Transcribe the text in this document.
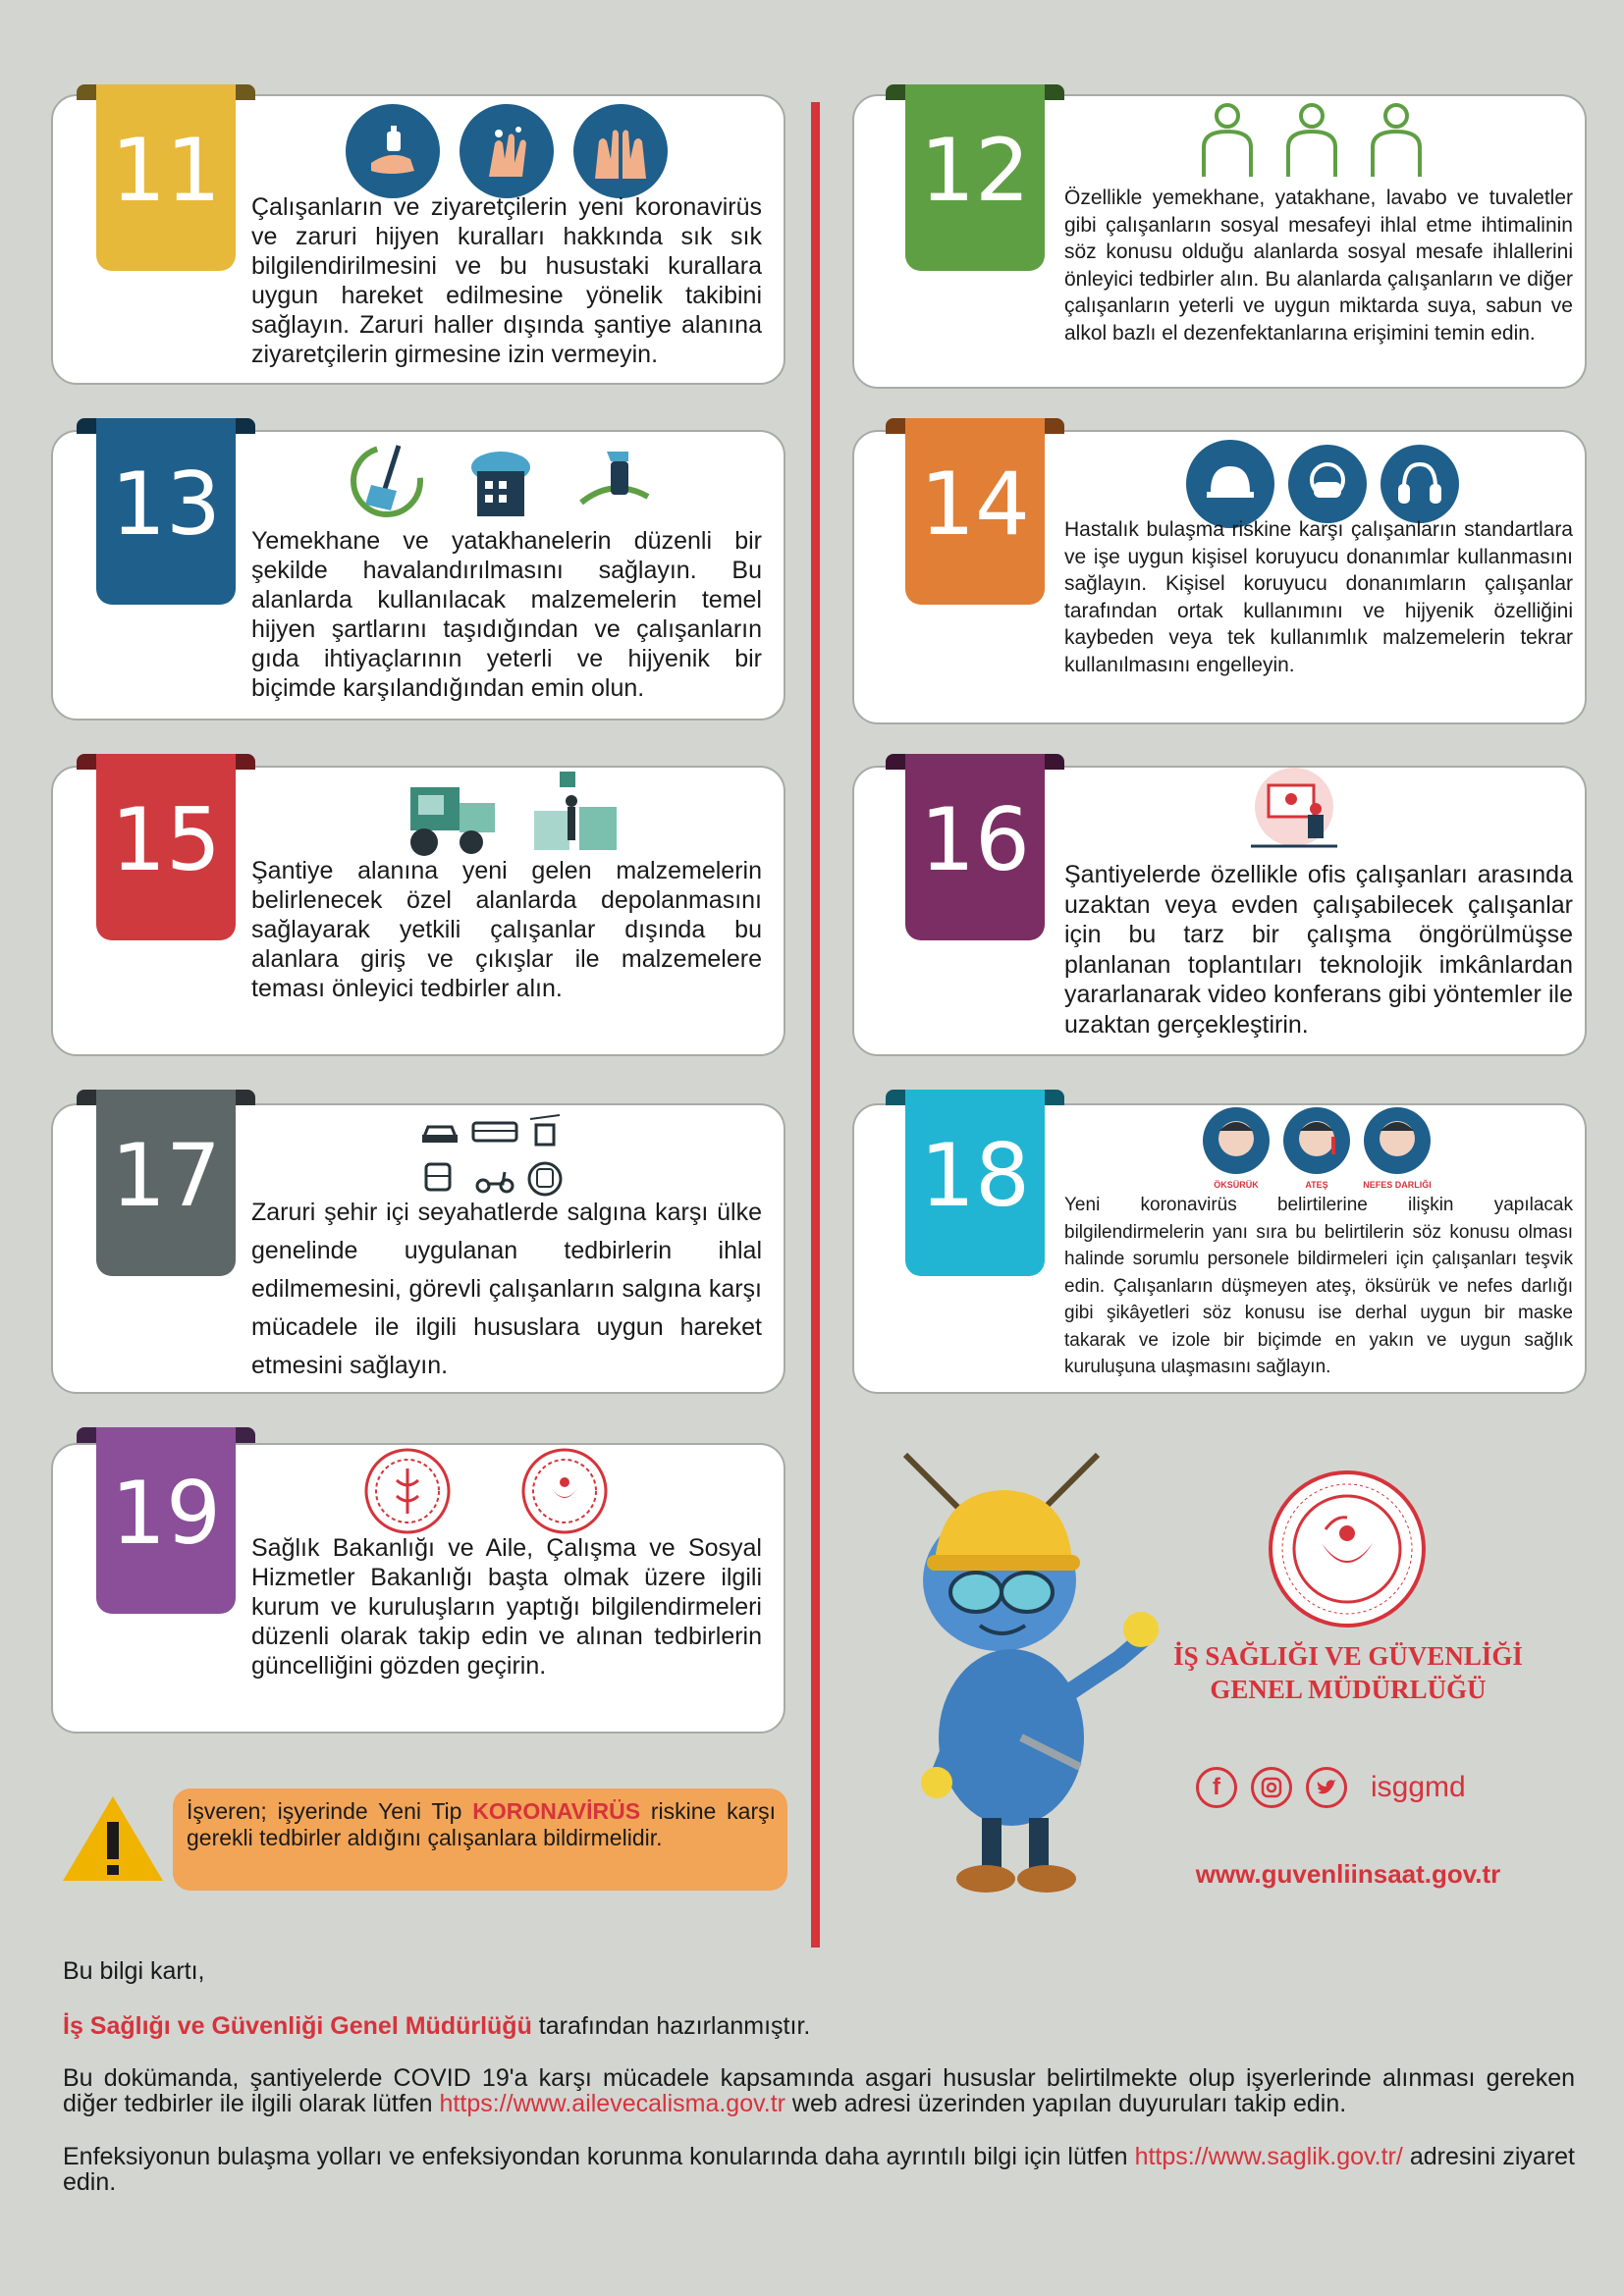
11	Çalışanların ve ziyaretçilerin yeni koronavirüs ve zaruri hijyen kuralları hakkında sık sık bilgilendirilmesini ve bu husustaki kurallara uygun hareket edilmesine yönelik takibini sağlayın. Zaruri haller dışında şantiye alanına ziyaretçilerin girmesine izin vermeyin.
12	Özellikle yemekhane, yatakhane, lavabo ve tuvaletler gibi çalışanların sosyal mesafeyi ihlal etme ihtimalinin söz konusu olduğu alanlarda sosyal mesafe ihlallerini önleyici tedbirler alın. Bu alanlarda çalışanların ve diğer çalışanların yeterli ve uygun miktarda suya, sabun ve alkol bazlı el dezenfektanlarına erişimini temin edin.
13	Yemekhane ve yatakhanelerin düzenli bir şekilde havalandırılmasını sağlayın. Bu alanlarda kullanılacak malzemelerin temel hijyen şartlarını taşıdığından ve çalışanların gıda ihtiyaçlarının yeterli ve hijyenik bir biçimde karşılandığından emin olun.
14	Hastalık bulaşma riskine karşı çalışanların standartlara ve işe uygun kişisel koruyucu donanımlar kullanmasını sağlayın. Kişisel koruyucu donanımların çalışanlar tarafından ortak kullanımını ve hijyenik özelliğini kaybeden veya tek kullanımlık malzemelerin tekrar kullanılmasını engelleyin.
15	Şantiye alanına yeni gelen malzemelerin belirlenecek özel alanlarda depolanmasını sağlayarak yetkili çalışanlar dışında bu alanlara giriş ve çıkışlar ile malzemelere teması önleyici tedbirler alın.
16	Şantiyelerde özellikle ofis çalışanları arasında uzaktan veya evden çalışabilecek çalışanlar için bu tarz bir çalışma öngörülmüşse planlanan toplantıları teknolojik imkânlardan yararlanarak video konferans gibi yöntemler ile uzaktan gerçekleştirin.
17	Zaruri şehir içi seyahatlerde salgına karşı ülke genelinde uygulanan tedbirlerin ihlal edilmemesini, görevli çalışanların salgına karşı mücadele ile ilgili hususlara uygun hareket etmesini sağlayın.
18	ÖKSÜRÜK	ATEŞ	NEFES DARLIĞI
Yeni koronavirüs belirtilerine ilişkin yapılacak bilgilendirmelerin yanı sıra bu belirtilerin söz konusu olması halinde sorumlu personele bildirmeleri için çalışanları teşvik edin. Çalışanların düşmeyen ateş, öksürük ve nefes darlığı gibi şikâyetleri söz konusu ise derhal uygun bir maske takarak ve izole bir biçimde en yakın ve uygun sağlık kuruluşuna ulaşmasını sağlayın.
19	Sağlık Bakanlığı ve Aile, Çalışma ve Sosyal Hizmetler Bakanlığı başta olmak üzere ilgili kurum ve kuruluşların yaptığı bilgilendirmeleri düzenli olarak takip edin ve alınan tedbirlerin güncelliğini gözden geçirin.
İşveren; işyerinde Yeni Tip KORONAVİRÜS riskine karşı gerekli tedbirler aldığını çalışanlara bildirmelidir.
İŞ SAĞLIĞI VE GÜVENLİĞİ
GENEL MÜDÜRLÜĞÜ
f	isggmd
www.guvenliinsaat.gov.tr
Bu bilgi kartı,
İş Sağlığı ve Güvenliği Genel Müdürlüğü tarafından hazırlanmıştır.
Bu dokümanda, şantiyelerde COVID 19'a karşı mücadele kapsamında asgari hususlar belirtilmekte olup işyerlerinde alınması gereken diğer tedbirler ile ilgili olarak lütfen https://www.ailevecalisma.gov.tr web adresi üzerinden yapılan duyuruları takip edin.
Enfeksiyonun bulaşma yolları ve enfeksiyondan korunma konularında daha ayrıntılı bilgi için lütfen https://www.saglik.gov.tr/ adresini ziyaret edin.
